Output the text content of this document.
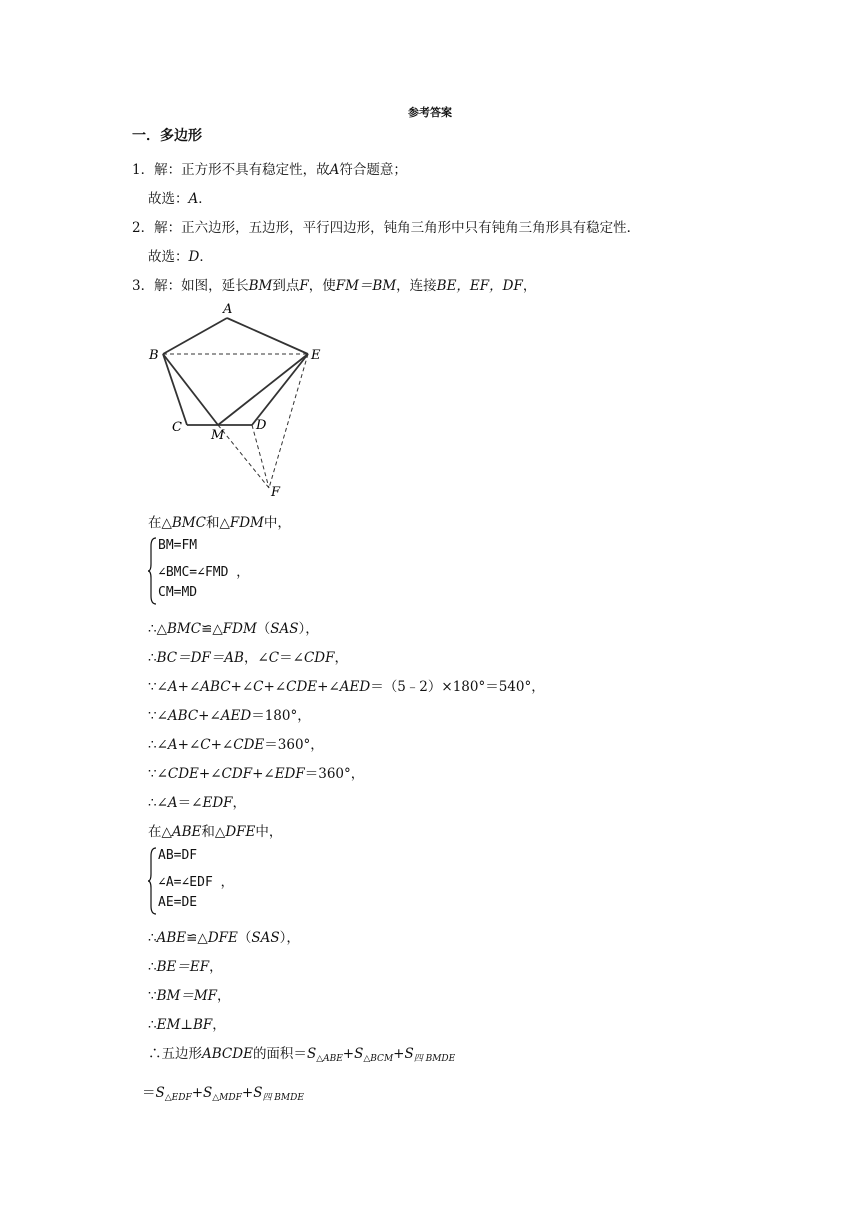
参考答案
一．多边形
1．解：正方形不具有稳定性，故A符合题意；
故选：A．
2．解：正六边形，五边形，平行四边形，钝角三角形中只有钝角三角形具有稳定性．
故选：D．
3．解：如图，延长BM到点F，使FM＝BM，连接BE，EF，DF，
A
B
C	D
E
F
M
在△BMC和△FDM中，
BM=FM
∠BMC=∠FMD ，
CM=MD
∴△BMC≌△FDM（SAS），
∴BC＝DF＝AB，∠C＝∠CDF，
∵∠A+∠ABC+∠C+∠CDE+∠AED＝（5﹣2）×180°＝540°，
∵∠ABC+∠AED＝180°，
∴∠A+∠C+∠CDE＝360°，
∵∠CDE+∠CDF+∠EDF＝360°，
∴∠A＝∠EDF，
在△ABE和△DFE中，
AB=DF
∠A=∠EDF ，
AE=DE
∴ABE≌△DFE（SAS），
∴BE＝EF，
∵BM＝MF，
∴EM⊥BF，
∴五边形ABCDE的面积$=S_{\triangle ABE}+S_{\triangle BCM}+S_{四 BMDE}$
$=S_{\triangle EDF}+S_{\triangle MDF}+S_{四 BMDE}$
